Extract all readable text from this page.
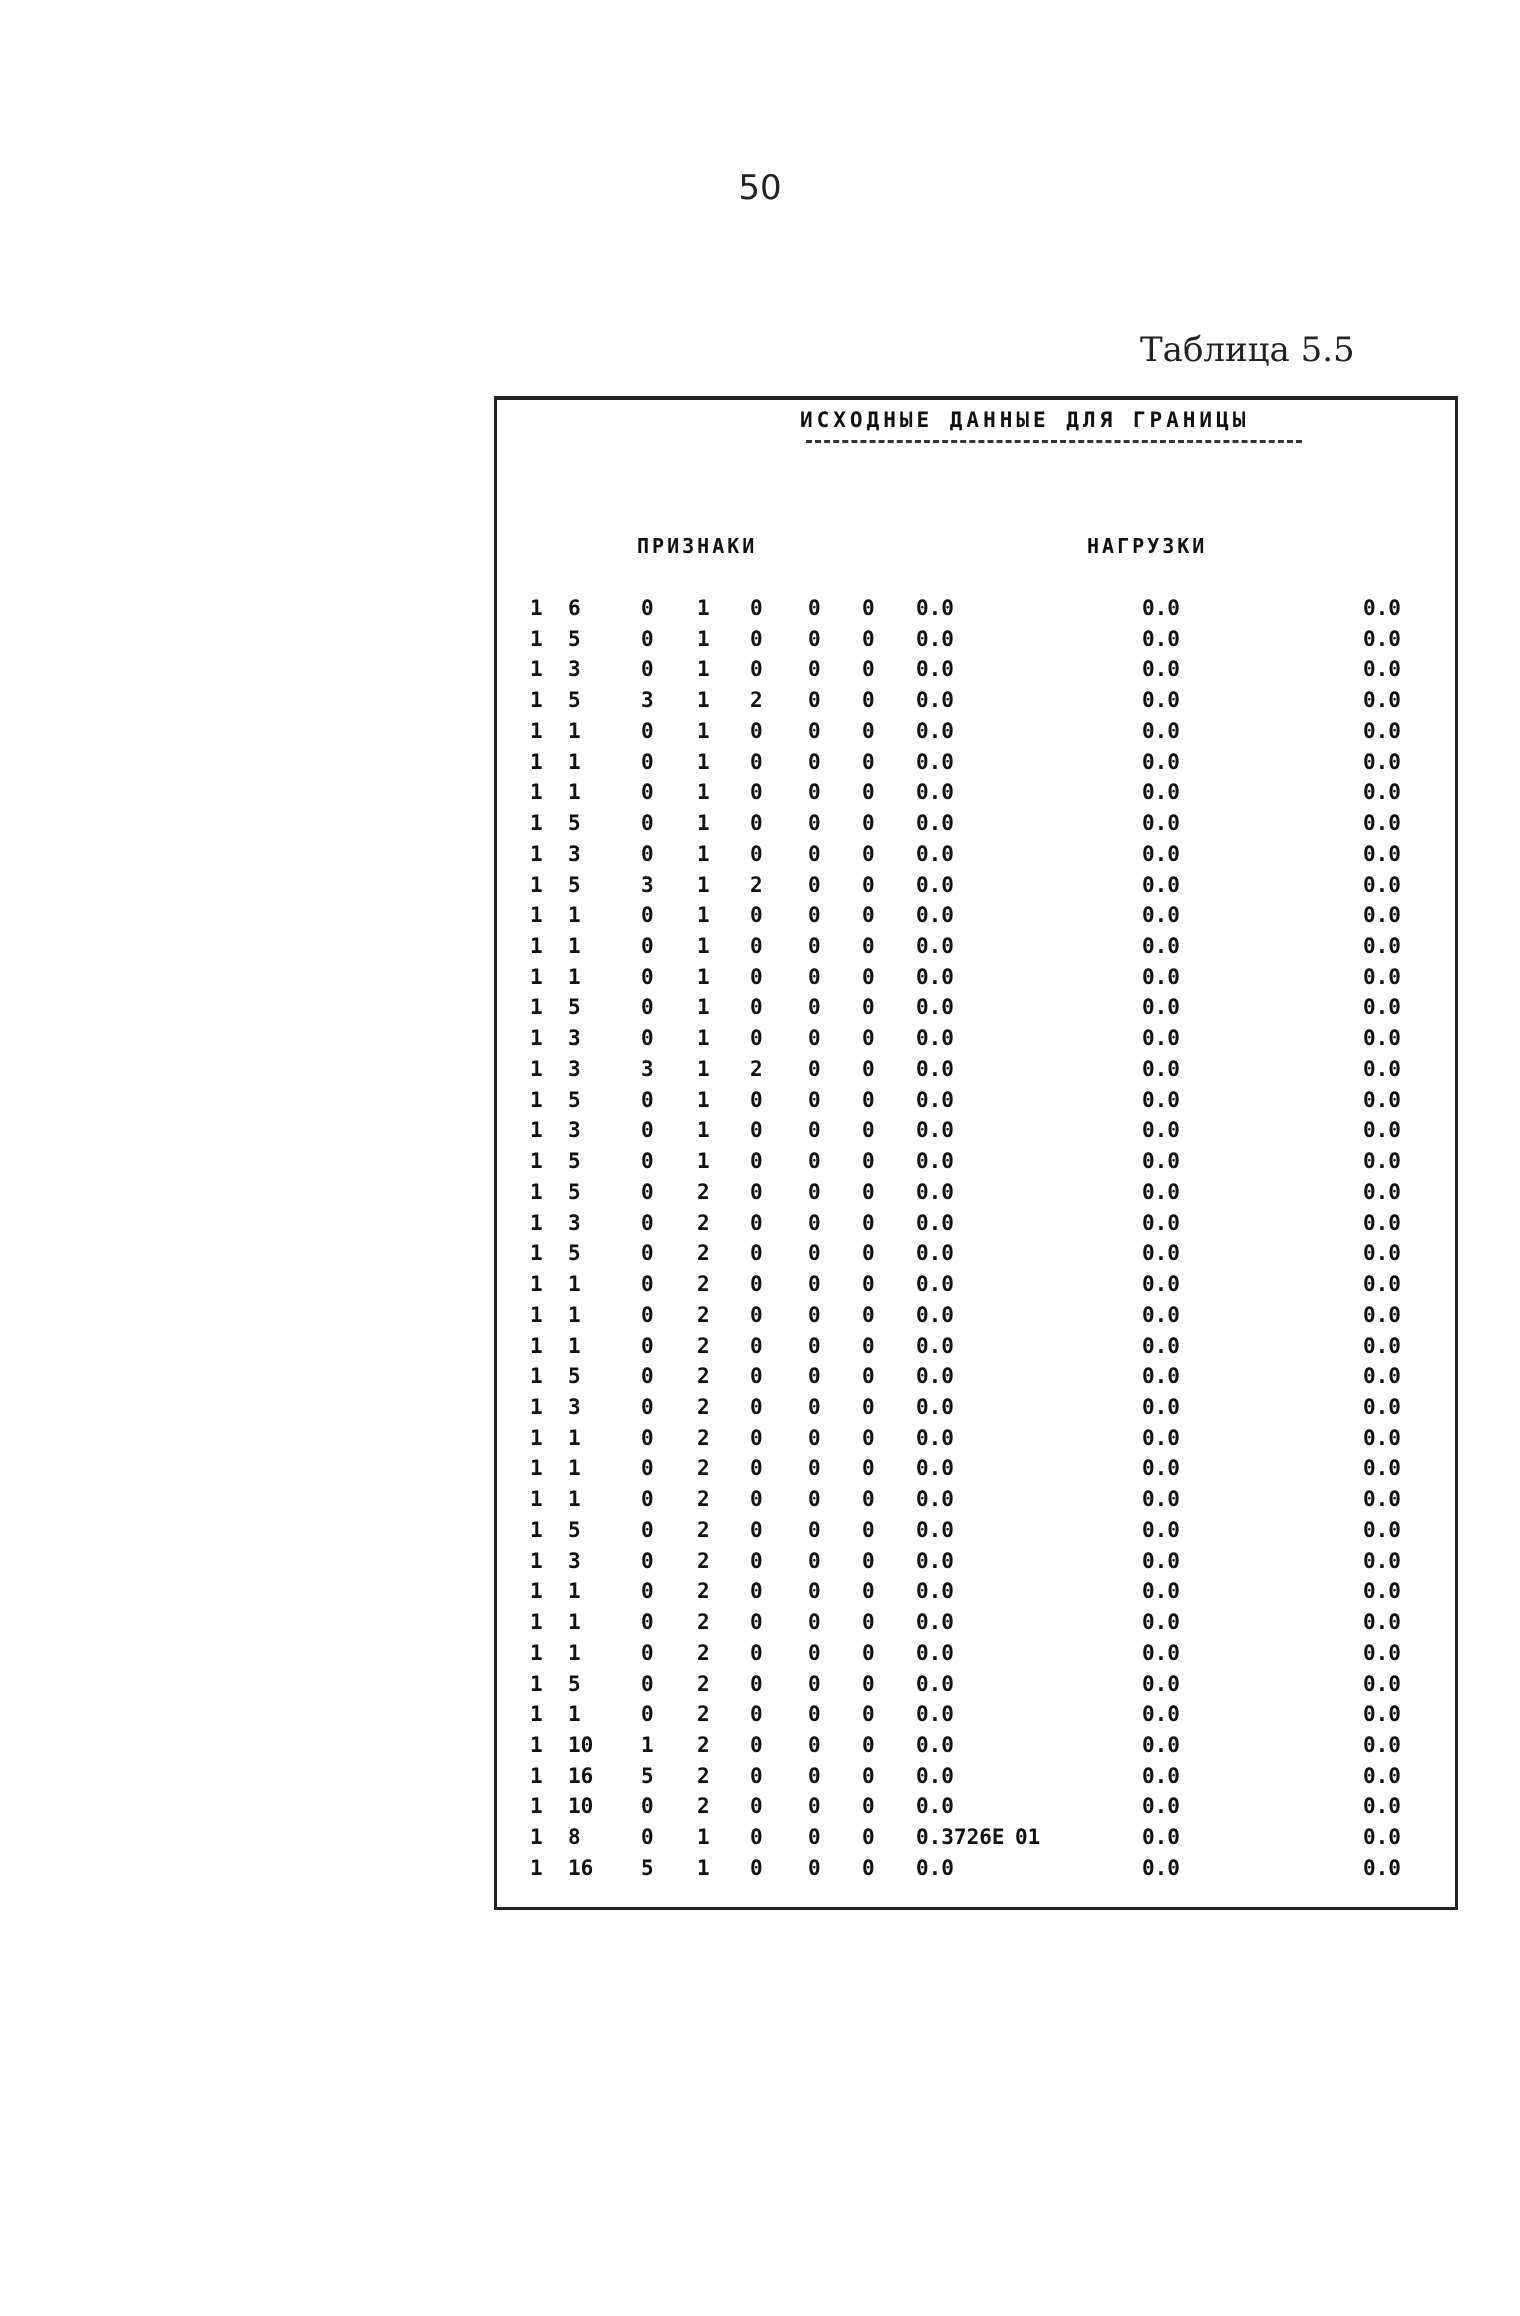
50
Таблица 5.5
ИСХОДНЫЕ ДАННЫЕ ДЛЯ ГРАНИЦЫ
ПРИЗНАКИ	НАГРУЗКИ
1 6	0 1 0 0 0 0.0	0.0	0.0
1 5	0 1 0 0 0 0.0	0.0	0.0
1 3	0 1 0 0 0 0.0	0.0	0.0
1 5	3 1 2 0 0 0.0	0.0	0.0
1 1	0 1 0 0 0 0.0	0.0	0.0
1 1	0 1 0 0 0 0.0	0.0	0.0
1 1	0 1 0 0 0 0.0	0.0	0.0
1 5	0 1 0 0 0 0.0	0.0	0.0
1 3	0 1 0 0 0 0.0	0.0	0.0
1 5	3 1 2 0 0 0.0	0.0	0.0
1 1	0 1 0 0 0 0.0	0.0	0.0
1 1	0 1 0 0 0 0.0	0.0	0.0
1 1	0 1 0 0 0 0.0	0.0	0.0
1 5	0 1 0 0 0 0.0	0.0	0.0
1 3	0 1 0 0 0 0.0	0.0	0.0
1 3	3 1 2 0 0 0.0	0.0	0.0
1 5	0 1 0 0 0 0.0	0.0	0.0
1 3	0 1 0 0 0 0.0	0.0	0.0
1 5	0 1 0 0 0 0.0	0.0	0.0
1 5	0 2 0 0 0 0.0	0.0	0.0
1 3	0 2 0 0 0 0.0	0.0	0.0
1 5	0 2 0 0 0 0.0	0.0	0.0
1 1	0 2 0 0 0 0.0	0.0	0.0
1 1	0 2 0 0 0 0.0	0.0	0.0
1 1	0 2 0 0 0 0.0	0.0	0.0
1 5	0 2 0 0 0 0.0	0.0	0.0
1 3	0 2 0 0 0 0.0	0.0	0.0
1 1	0 2 0 0 0 0.0	0.0	0.0
1 1	0 2 0 0 0 0.0	0.0	0.0
1 1	0 2 0 0 0 0.0	0.0	0.0
1 5	0 2 0 0 0 0.0	0.0	0.0
1 3	0 2 0 0 0 0.0	0.0	0.0
1 1	0 2 0 0 0 0.0	0.0	0.0
1 1	0 2 0 0 0 0.0	0.0	0.0
1 1	0 2 0 0 0 0.0	0.0	0.0
1 5	0 2 0 0 0 0.0	0.0	0.0
1 1	0 2 0 0 0 0.0	0.0	0.0
1 10 1 2 0 0 0 0.0	0.0	0.0
1 16 5 2 0 0 0 0.0	0.0	0.0
1 10 0 2 0 0 0 0.0	0.0	0.0
1 8	0 1 0 0 0 0.3726E 01	0.0	0.0
1 16 5 1 0 0 0 0.0	0.0	0.0
